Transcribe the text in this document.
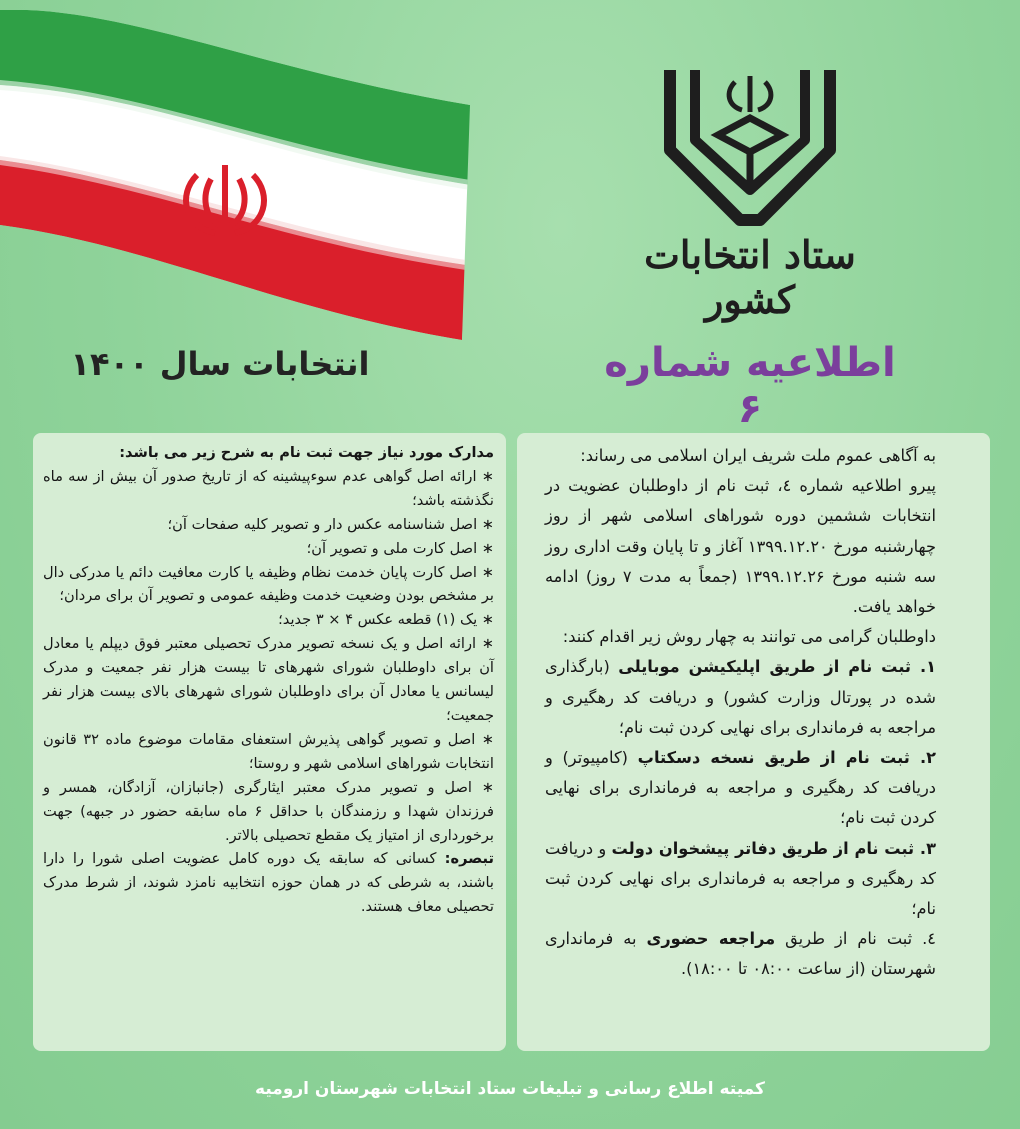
ستاد انتخابات کشور
انتخابات سال ۱۴۰۰	اطلاعیه شماره ۶

مدارک مورد نیاز جهت ثبت نام به شرح زیر می باشد:

∗ ارائه اصل گواهی عدم سوءپیشینه که از تاریخ صدور آن بیش از سه ماه نگذشته باشد؛

∗ اصل شناسنامه عکس دار و تصویر کلیه صفحات آن؛

∗ اصل کارت ملی و تصویر آن؛

∗ اصل کارت پایان خدمت نظام وظیفه یا کارت معافیت دائم یا مدرکی دال بر مشخص بودن وضعیت خدمت وظیفه عمومی و تصویر آن برای مردان؛

∗ یک (۱) قطعه عکس ۴ × ۳ جدید؛

∗ ارائه اصل و یک نسخه تصویر مدرک تحصیلی معتبر فوق دیپلم یا معادل آن برای داوطلبان شورای شهرهای تا بیست هزار نفر جمعیت و مدرک لیسانس یا معادل آن برای داوطلبان شورای شهرهای بالای بیست هزار نفر جمعیت؛

∗ اصل و تصویر گواهی پذیرش استعفای مقامات موضوع ماده ۳۲ قانون انتخابات شوراهای اسلامی شهر و روستا؛

∗ اصل و تصویر مدرک معتبر ایثارگری (جانبازان، آزادگان، همسر و فرزندان شهدا و رزمندگان با حداقل ۶ ماه سابقه حضور در جبهه) جهت برخورداری از امتیاز یک مقطع تحصیلی بالاتر.

تبصره: کسانی که سابقه یک دوره کامل عضویت اصلی شورا را دارا باشند، به شرطی که در همان حوزه انتخابیه نامزد شوند، از شرط مدرک تحصیلی معاف هستند.

به آگاهی عموم ملت شریف ایران اسلامی می رساند:

پیرو اطلاعیه شماره ٤، ثبت نام از داوطلبان عضویت در انتخابات ششمین دوره شوراهای اسلامی شهر از روز چهارشنبه مورخ ۱۳۹۹.۱۲.۲۰ آغاز و تا پایان وقت اداری روز سه شنبه مورخ ۱۳۹۹.۱۲.۲۶ (جمعاً به مدت ۷ روز) ادامه خواهد یافت.

داوطلبان گرامی می توانند به چهار روش زیر اقدام کنند:

۱. ثبت نام از طریق اپلیکیشن موبایلی (بارگذاری شده در پورتال وزارت کشور) و دریافت کد رهگیری و مراجعه به فرمانداری برای نهایی کردن ثبت نام؛

۲. ثبت نام از طریق نسخه دسکتاپ (کامپیوتر) و دریافت کد رهگیری و مراجعه به فرمانداری برای نهایی کردن ثبت نام؛

۳. ثبت نام از طریق دفاتر پیشخوان دولت و دریافت کد رهگیری و مراجعه به فرمانداری برای نهایی کردن ثبت نام؛

٤. ثبت نام از طریق مراجعه حضوری به فرمانداری شهرستان (از ساعت ۰۸:۰۰ تا ۱۸:۰۰).

کمیته اطلاع رسانی و تبلیغات ستاد انتخابات شهرستان ارومیه
